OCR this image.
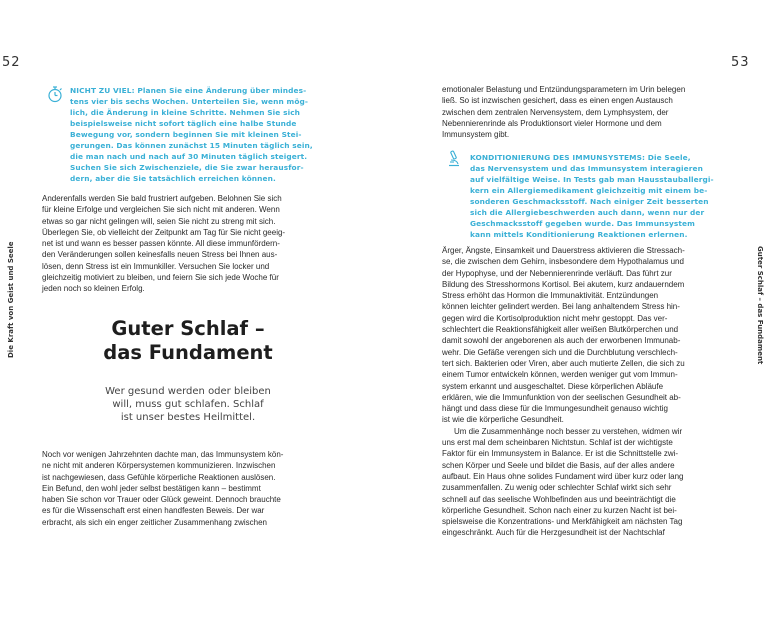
52	53
Die Kraft von Geist und Seele	Guter Schlaf – das Fundament
NICHT ZU VIEL: Planen Sie eine Änderung über mindes-
tens vier bis sechs Wochen. Unterteilen Sie, wenn mög-
lich, die Änderung in kleine Schritte. Nehmen Sie sich
beispielsweise nicht sofort täglich eine halbe Stunde
Bewegung vor, sondern beginnen Sie mit kleinen Stei-
gerungen. Das können zunächst 15 Minuten täglich sein,
die man nach und nach auf 30 Minuten täglich steigert.
Suchen Sie sich Zwischenziele, die Sie zwar herausfor-
dern, aber die Sie tatsächlich erreichen können.
Anderenfalls werden Sie bald frustriert aufgeben. Belohnen Sie sich
für kleine Erfolge und vergleichen Sie sich nicht mit anderen. Wenn
etwas so gar nicht gelingen will, seien Sie nicht zu streng mit sich.
Überlegen Sie, ob vielleicht der Zeitpunkt am Tag für Sie nicht geeig-
net ist und wann es besser passen könnte. All diese immunfördern-
den Veränderungen sollen keinesfalls neuen Stress bei Ihnen aus-
lösen, denn Stress ist ein Immunkiller. Versuchen Sie locker und
gleichzeitig motiviert zu bleiben, und feiern Sie sich jede Woche für
jeden noch so kleinen Erfolg.
Guter Schlaf –
das Fundament
Wer gesund werden oder bleiben
will, muss gut schlafen. Schlaf
ist unser bestes Heilmittel.
Noch vor wenigen Jahrzehnten dachte man, das Immunsystem kön-
ne nicht mit anderen Körpersystemen kommunizieren. Inzwischen
ist nachgewiesen, dass Gefühle körperliche Reaktionen auslösen.
Ein Befund, den wohl jeder selbst bestätigen kann – bestimmt
haben Sie schon vor Trauer oder Glück geweint. Dennoch brauchte
es für die Wissenschaft erst einen handfesten Beweis. Der war
erbracht, als sich ein enger zeitlicher Zusammenhang zwischen
emotionaler Belastung und Entzündungsparametern im Urin belegen
ließ. So ist inzwischen gesichert, dass es einen engen Austausch
zwischen dem zentralen Nervensystem, dem Lymphsystem, der
Nebennierenrinde als Produktionsort vieler Hormone und dem
Immunsystem gibt.
KONDITIONIERUNG DES IMMUNSYSTEMS: Die Seele,
das Nervensystem und das Immunsystem interagieren
auf vielfältige Weise. In Tests gab man Hausstauballergi-
kern ein Allergiemedikament gleichzeitig mit einem be-
sonderen Geschmacksstoff. Nach einiger Zeit besserten
sich die Allergiebeschwerden auch dann, wenn nur der
Geschmacksstoff gegeben wurde. Das Immunsystem
kann mittels Konditionierung Reaktionen erlernen.
Ärger, Ängste, Einsamkeit und Dauerstress aktivieren die Stressach-
se, die zwischen dem Gehirn, insbesondere dem Hypothalamus und
der Hypophyse, und der Nebennierenrinde verläuft. Das führt zur
Bildung des Stresshormons Kortisol. Bei akutem, kurz andauerndem
Stress erhöht das Hormon die Immunaktivität. Entzündungen
können leichter gelindert werden. Bei lang anhaltendem Stress hin-
gegen wird die Kortisolproduktion nicht mehr gestoppt. Das ver-
schlechtert die Reaktionsfähigkeit aller weißen Blutkörperchen und
damit sowohl der angeborenen als auch der erworbenen Immunab-
wehr. Die Gefäße verengen sich und die Durchblutung verschlech-
tert sich. Bakterien oder Viren, aber auch mutierte Zellen, die sich zu
einem Tumor entwickeln können, werden weniger gut vom Immun-
system erkannt und ausgeschaltet. Diese körperlichen Abläufe
erklären, wie die Immunfunktion von der seelischen Gesundheit ab-
hängt und dass diese für die Immungesundheit genauso wichtig
ist wie die körperliche Gesundheit.
Um die Zusammenhänge noch besser zu verstehen, widmen wir
uns erst mal dem scheinbaren Nichtstun. Schlaf ist der wichtigste
Faktor für ein Immunsystem in Balance. Er ist die Schnittstelle zwi-
schen Körper und Seele und bildet die Basis, auf der alles andere
aufbaut. Ein Haus ohne solides Fundament wird über kurz oder lang
zusammenfallen. Zu wenig oder schlechter Schlaf wirkt sich sehr
schnell auf das seelische Wohlbefinden aus und beeinträchtigt die
körperliche Gesundheit. Schon nach einer zu kurzen Nacht ist bei-
spielsweise die Konzentrations- und Merkfähigkeit am nächsten Tag
eingeschränkt. Auch für die Herzgesundheit ist der Nachtschlaf
